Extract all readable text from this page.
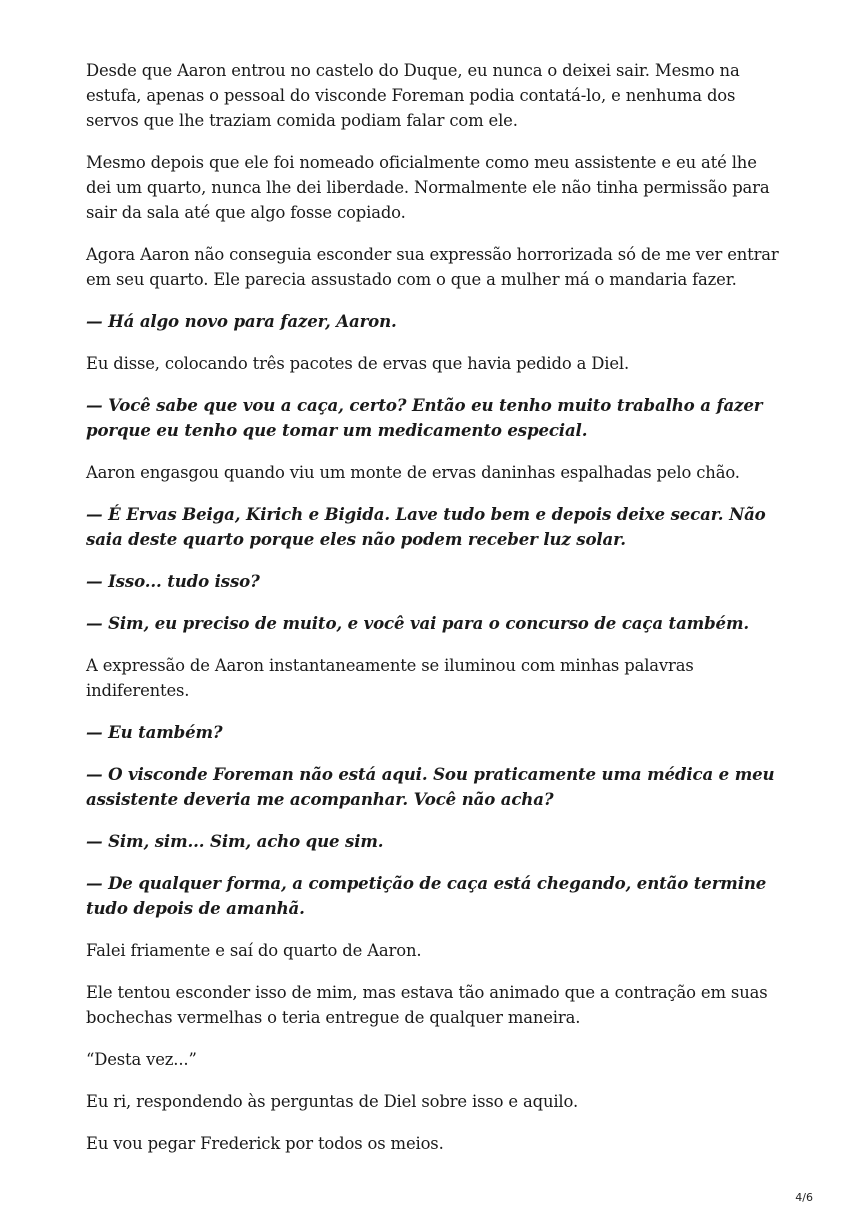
Desde que Aaron entrou no castelo do Duque, eu nunca o deixei sair. Mesmo na estufa, apenas o pessoal do visconde Foreman podia contatá-lo, e nenhuma dos servos que lhe traziam comida podiam falar com ele.

Mesmo depois que ele foi nomeado oficialmente como meu assistente e eu até lhe dei um quarto, nunca lhe dei liberdade. Normalmente ele não tinha permissão para sair da sala até que algo fosse copiado.

Agora Aaron não conseguia esconder sua expressão horrorizada só de me ver entrar em seu quarto. Ele parecia assustado com o que a mulher má o mandaria fazer.

— Há algo novo para fazer, Aaron.

Eu disse, colocando três pacotes de ervas que havia pedido a Diel.

— Você sabe que vou a caça, certo? Então eu tenho muito trabalho a fazer porque eu tenho que tomar um medicamento especial.

Aaron engasgou quando viu um monte de ervas daninhas espalhadas pelo chão.

— É Ervas Beiga, Kirich e Bigida. Lave tudo bem e depois deixe secar. Não saia deste quarto porque eles não podem receber luz solar.

— Isso... tudo isso?

— Sim, eu preciso de muito, e você vai para o concurso de caça também.

A expressão de Aaron instantaneamente se iluminou com minhas palavras indiferentes.

— Eu também?

— O visconde Foreman não está aqui. Sou praticamente uma médica e meu assistente deveria me acompanhar. Você não acha?

— Sim, sim... Sim, acho que sim.

— De qualquer forma, a competição de caça está chegando, então termine tudo depois de amanhã.

Falei friamente e saí do quarto de Aaron.

Ele tentou esconder isso de mim, mas estava tão animado que a contração em suas bochechas vermelhas o teria entregue de qualquer maneira.

“Desta vez...”

Eu ri, respondendo às perguntas de Diel sobre isso e aquilo.

Eu vou pegar Frederick por todos os meios.

4/6
